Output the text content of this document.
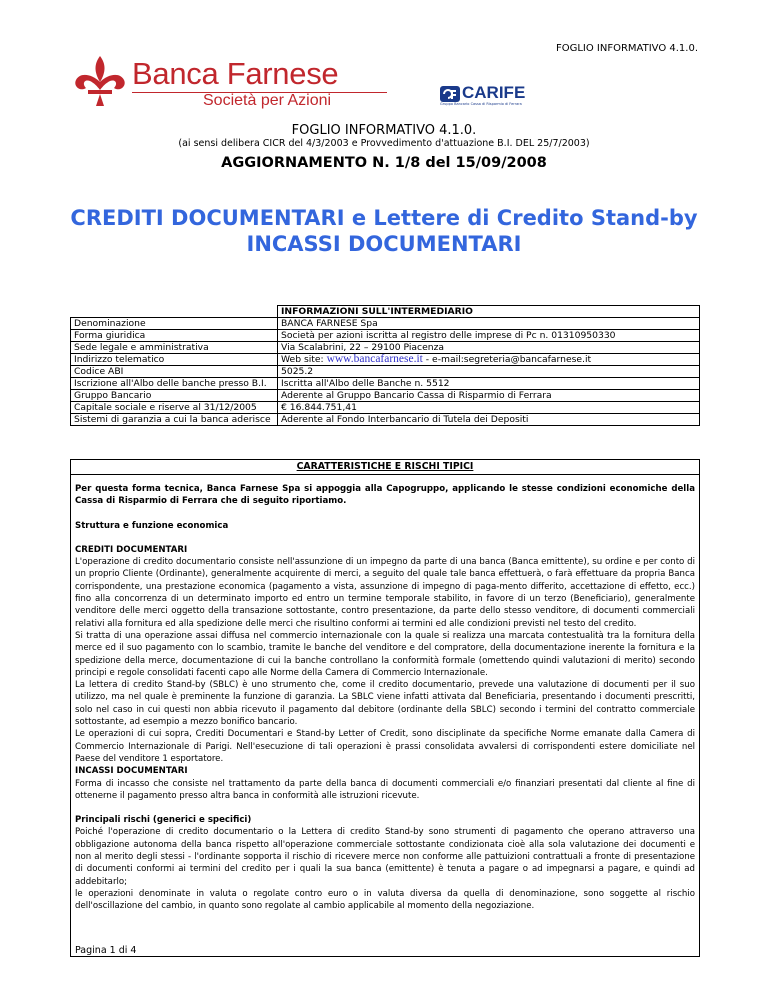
FOGLIO INFORMATIVO 4.1.0.
Banca Farnese
Società per Azioni	CARIFE
Gruppo Bancario Cassa di Risparmio di Ferrara
FOGLIO INFORMATIVO 4.1.0.
(ai sensi delibera CICR del 4/3/2003 e Provvedimento d'attuazione B.I. DEL 25/7/2003)
AGGIORNAMENTO N. 1/8 del 15/09/2008
CREDITI DOCUMENTARI e Lettere di Credito Stand-by
INCASSI DOCUMENTARI
	INFORMAZIONI SULL'INTERMEDIARIO
Denominazione	BANCA FARNESE Spa
Forma giuridica	Società per azioni iscritta al registro delle imprese di Pc n. 01310950330
Sede legale e amministrativa	Via Scalabrini, 22 – 29100 Piacenza
Indirizzo telematico	Web site: www.bancafarnese.it - e-mail:segreteria@bancafarnese.it
Codice ABI	5025.2
Iscrizione all'Albo delle banche presso B.I.	Iscritta all'Albo delle Banche n. 5512
Gruppo Bancario	Aderente al Gruppo Bancario Cassa di Risparmio di Ferrara
Capitale sociale e riserve al 31/12/2005	€ 16.844.751,41
Sistemi di garanzia a cui la banca aderisce	Aderente al Fondo Interbancario di Tutela dei Depositi
CARATTERISTICHE E RISCHI TIPICI

Per questa forma tecnica, Banca Farnese Spa si appoggia alla Capogruppo, applicando le stesse condizioni economiche della Cassa di Risparmio di Ferrara che di seguito riportiamo.

Struttura e funzione economica

CREDITI DOCUMENTARI

L'operazione di credito documentario consiste nell'assunzione di un impegno da parte di una banca (Banca emittente), su ordine e per conto di un proprio Cliente (Ordinante), generalmente acquirente di merci, a seguito del quale tale banca effettuerà, o farà effettuare da propria Banca corrispondente, una prestazione economica (pagamento a vista, assunzione di impegno di paga-mento differito, accettazione di effetto, ecc.) fino alla concorrenza di un determinato importo ed entro un termine temporale stabilito, in favore di un terzo (Beneficiario), generalmente venditore delle merci oggetto della transazione sottostante, contro presentazione, da parte dello stesso venditore, di documenti commerciali relativi alla fornitura ed alla spedizione delle merci che risultino conformi ai termini ed alle condizioni previsti nel testo del credito.

Si tratta di una operazione assai diffusa nel commercio internazionale con la quale si realizza una marcata contestualità tra la fornitura della merce ed il suo pagamento con lo scambio, tramite le banche del venditore e del compratore, della documentazione inerente la fornitura e la spedizione della merce, documentazione di cui la banche controllano la conformità formale (omettendo quindi valutazioni di merito) secondo principi e regole consolidati facenti capo alle Norme della Camera di Commercio Internazionale.

La lettera di credito Stand-by (SBLC) è uno strumento che, come il credito documentario, prevede una valutazione di documenti per il suo utilizzo, ma nel quale è preminente la funzione di garanzia. La SBLC viene infatti attivata dal Beneficiaria, presentando i documenti prescritti, solo nel caso in cui questi non abbia ricevuto il pagamento dal debitore (ordinante della SBLC) secondo i termini del contratto commerciale sottostante, ad esempio a mezzo bonifico bancario.

Le operazioni di cui sopra, Crediti Documentari e Stand-by Letter of Credit, sono disciplinate da specifiche Norme emanate dalla Camera di Commercio Internazionale di Parigi. Nell'esecuzione di tali operazioni è prassi consolidata avvalersi di corrispondenti estere domiciliate nel Paese del venditore 1 esportatore.

INCASSI DOCUMENTARI

Forma di incasso che consiste nel trattamento da parte della banca di documenti commerciali e/o finanziari presentati dal cliente al fine di ottenerne il pagamento presso altra banca in conformità alle istruzioni ricevute.

Principali rischi (generici e specifici)

Poiché l'operazione di credito documentario o la Lettera di credito Stand-by sono strumenti di pagamento che operano attraverso una obbligazione autonoma della banca rispetto all'operazione commerciale sottostante condizionata cioè alla sola valutazione dei documenti e non al merito degli stessi - l'ordinante sopporta il rischio di ricevere merce non conforme alle pattuizioni contrattuali a fronte di presentazione di documenti conformi ai termini del credito per i quali la sua banca (emittente) è tenuta a pagare o ad impegnarsi a pagare, e quindi ad addebitarlo;

le operazioni denominate in valuta o regolate contro euro o in valuta diversa da quella di denominazione, sono soggette al rischio dell'oscillazione del cambio, in quanto sono regolate al cambio applicabile al momento della negoziazione.

Pagina 1 di 4
